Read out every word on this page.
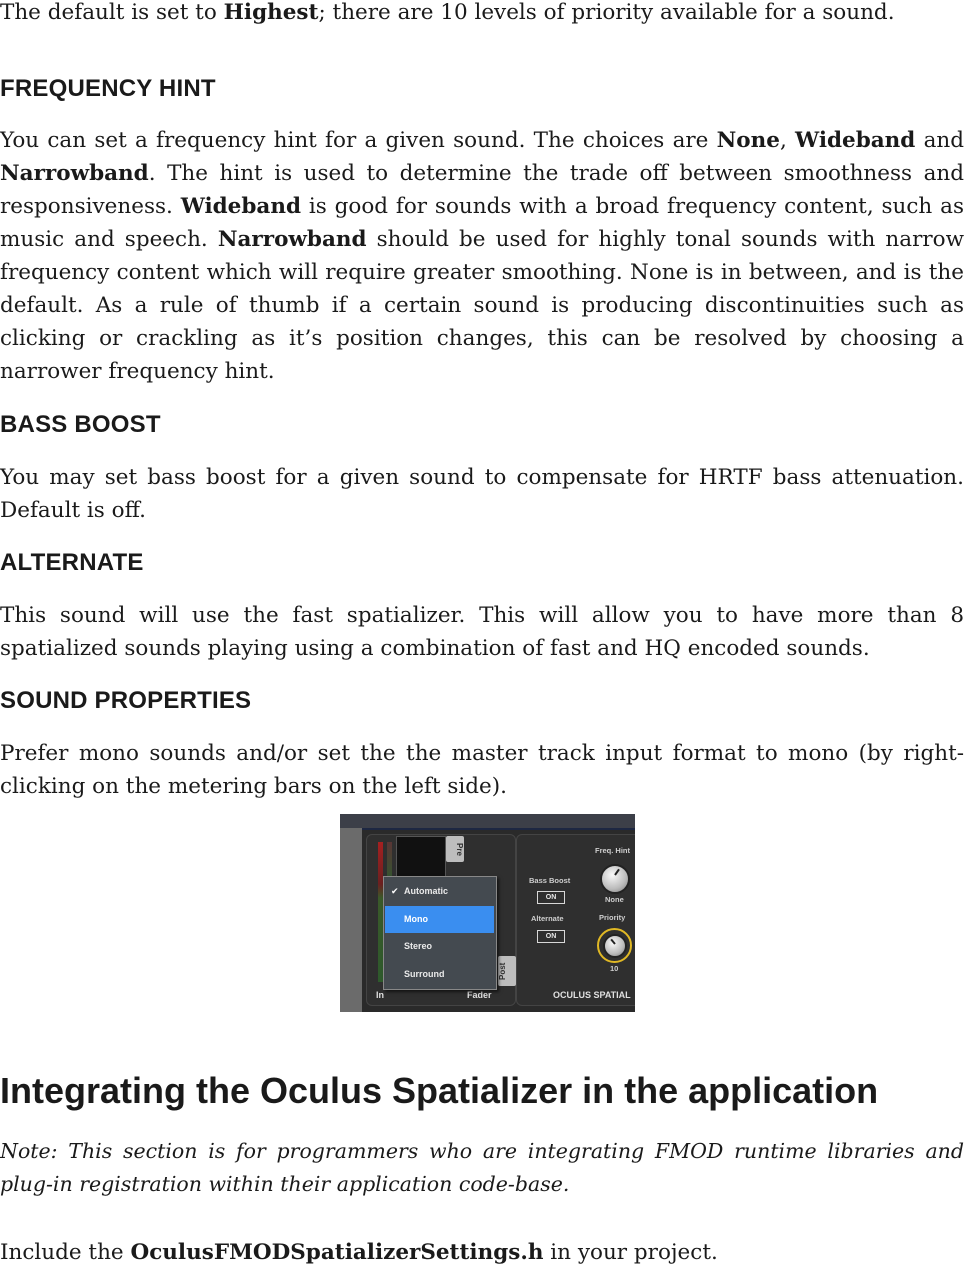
The default is set to Highest; there are 10 levels of priority available for a sound.

FREQUENCY HINT

You can set a frequency hint for a given sound. The choices are None, Wideband and Narrowband. The hint is used to determine the trade off between smoothness and responsiveness. Wideband is good for sounds with a broad frequency content, such as music and speech. Narrowband should be used for highly tonal sounds with narrow frequency content which will require greater smoothing. None is in between, and is the default. As a rule of thumb if a certain sound is producing discontinuities such as clicking or crackling as it’s position changes, this can be resolved by choosing a narrower frequency hint.

BASS BOOST

You may set bass boost for a given sound to compensate for HRTF bass attenuation. Default is off.

ALTERNATE

This sound will use the fast spatializer. This will allow you to have more than 8 spatialized sounds playing using a combination of fast and HQ encoded sounds.

SOUND PROPERTIES

Prefer mono sounds and/or set the the master track input format to mono (by right-clicking on the metering bars on the left side).

Pre
Post
In	Fader	OCULUS SPATIAL
Bass Boost
ON
Alternate
ON
Freq. Hint
None
Priority
10
✔ Automatic
Mono
Stereo
Surround
Integrating the Oculus Spatializer in the application

Note: This section is for programmers who are integrating FMOD runtime libraries and plug-in registration within their application code-base.

Include the OculusFMODSpatializerSettings.h in your project.
